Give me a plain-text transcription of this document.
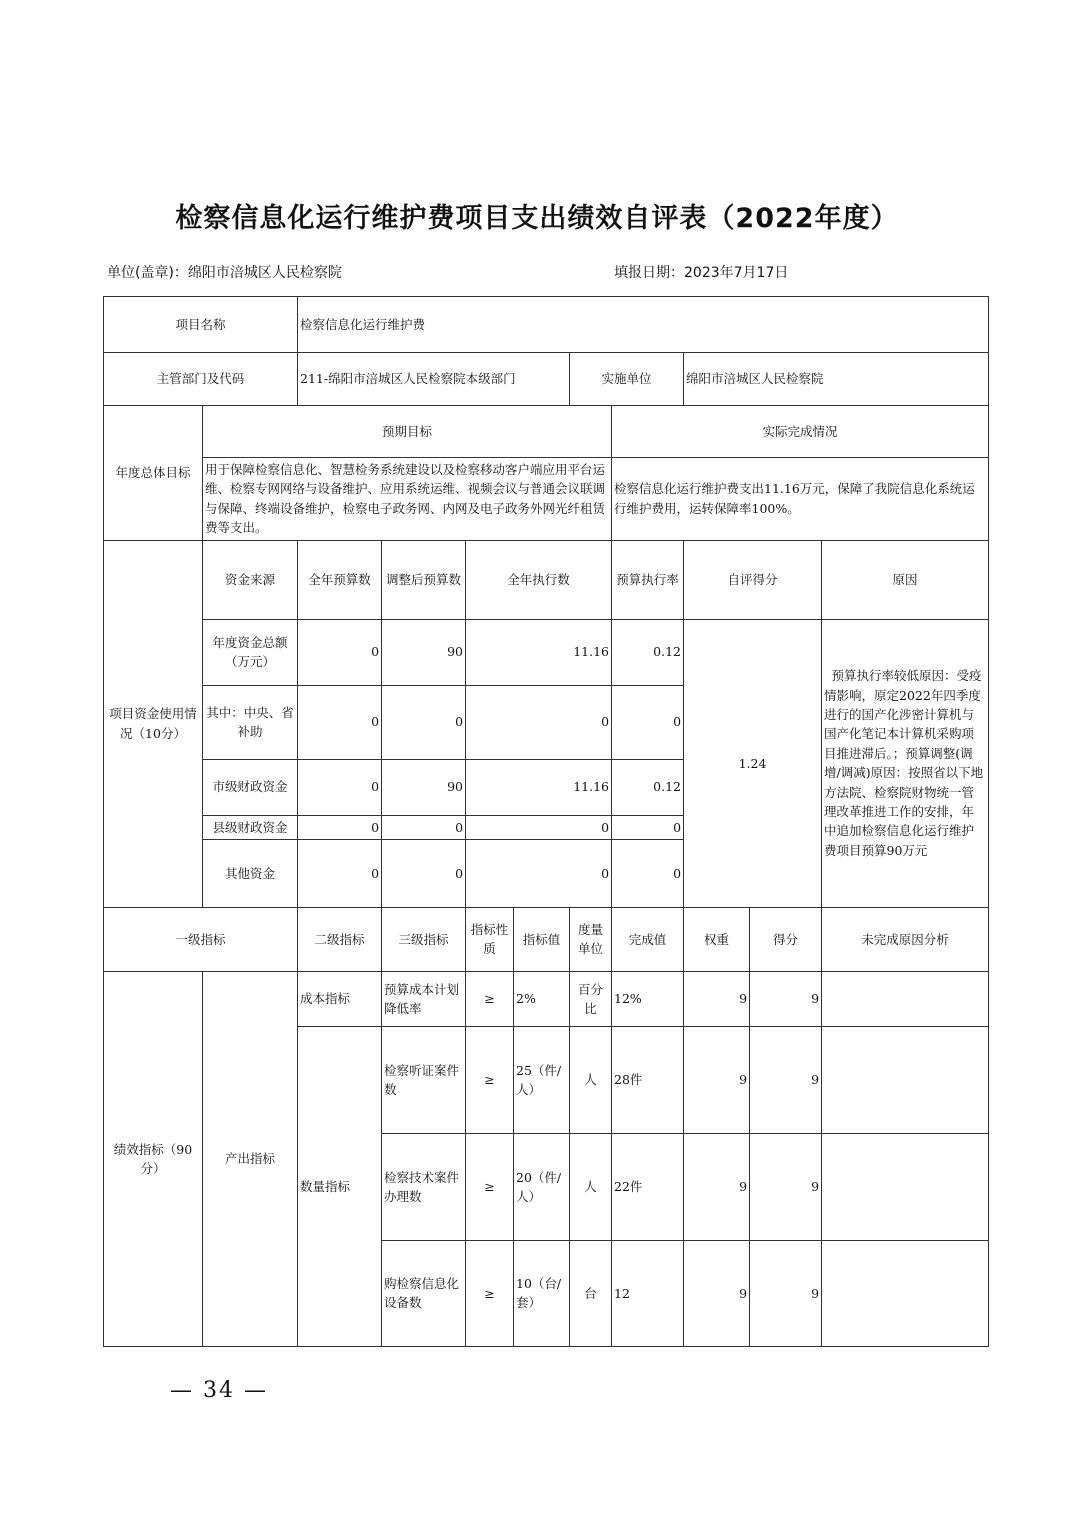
检察信息化运行维护费项目支出绩效自评表（2022年度）
单位(盖章)：绵阳市涪城区人民检察院	填报日期：2023年7月17日
项目名称		检察信息化运行维护费								
主管部门及代码		211-绵阳市涪城区人民检察院本级部门				实施单位		绵阳市涪城区人民检察院		
年度总体目标	预期目标						实际完成情况			
	用于保障检察信息化、智慧检务系统建设以及检察移动客户端应用平台运维、检察专网网络与设备维护、应用系统运维、视频会议与普通会议联调与保障、终端设备维护，检察电子政务网、内网及电子政务外网光纤租赁费等支出。						检察信息化运行维护费支出11.16万元，保障了我院信息化系统运行维护费用，运转保障率100%。			
项目资金使用情况（10分）	资金来源	全年预算数	调整后预算数	全年执行数			预算执行率	自评得分		原因
	年度资金总额（万元）	0	90	11.16			0.12	1.24		预算执行率较低原因：受疫情影响，原定2022年四季度进行的国产化涉密计算机与国产化笔记本计算机采购项目推进滞后。；预算调整(调增/调减)原因：按照省以下地方法院、检察院财物统一管理改革推进工作的安排，年中追加检察信息化运行维护费项目预算90万元
	其中：中央、省补助	0	0	0			0			
	市级财政资金	0	90	11.16			0.12			
	县级财政资金	0	0	0			0			
	其他资金	0	0	0			0			
一级指标		二级指标	三级指标	指标性质	指标值	度量单位	完成值	权重	得分	未完成原因分析
绩效指标（90分）	产出指标	成本指标	预算成本计划降低率	≥	2%	百分比	12%	9	9	
		数量指标	检察听证案件数	≥	25（件/人）	人	28件	9	9	
			检察技术案件办理数	≥	20（件/人）	人	22件	9	9	
			购检察信息化设备数	≥	10（台/套）	台	12	9	9	
— 34 —
